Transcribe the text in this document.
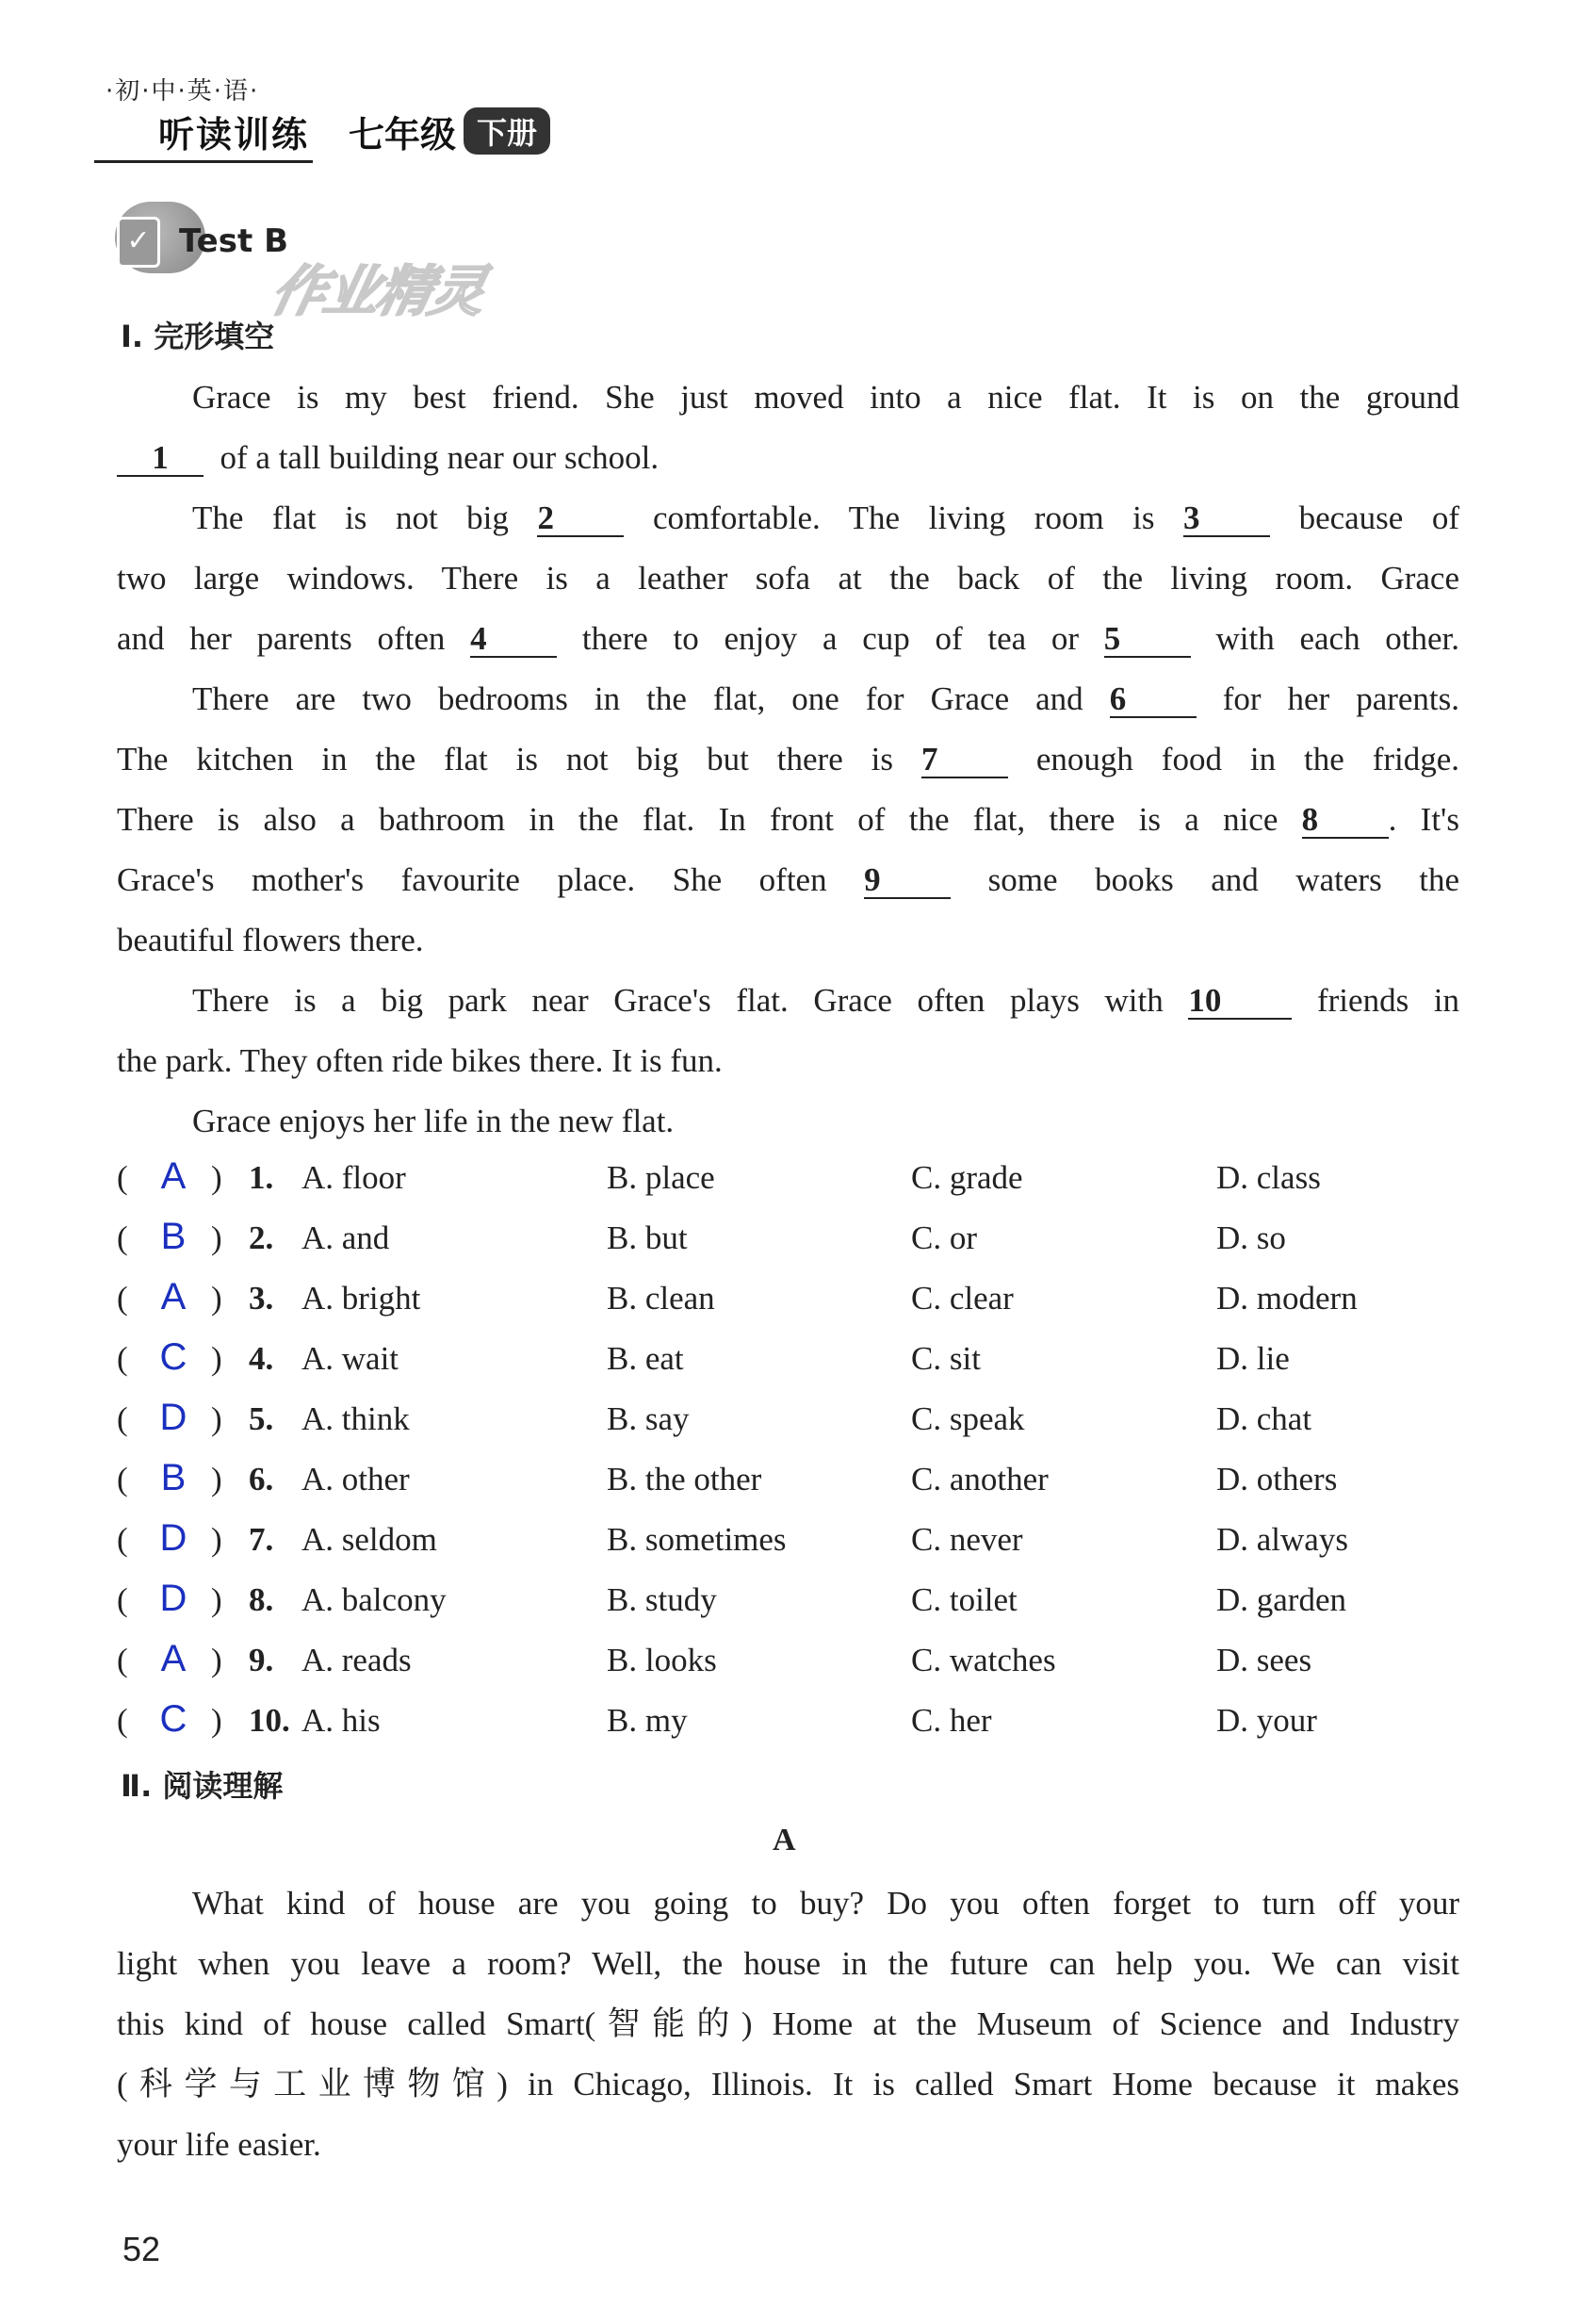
·初·中·英·语·
听读训练 七年级 下册
✓ Test B
作业精灵
Ⅰ. 完形填空
Grace is my best friend. She just moved into a nice flat. It is on the ground
1 of a tall building near our school.
The flat is not big 2	comfortable. The living room is 3	because of
two large windows. There is a leather sofa at the back of the living room. Grace
and her parents often 4	there to enjoy a cup of tea or 5	with each other.
There are two bedrooms in the flat, one for Grace and 6	for her parents.
The kitchen in the flat is not big but there is 7	enough food in the fridge.
There is also a bathroom in the flat. In front of the flat, there is a nice 8 . It's
Grace's mother's favourite place. She often 9	some books and waters the
beautiful flowers there.
There is a big park near Grace's flat. Grace often plays with 10	friends in
the park. They often ride bikes there. It is fun.
Grace enjoys her life in the new flat.
( A ) 1. A. floor	B. place	C. grade	D. class
( B ) 2. A. and	B. but	C. or	D. so
( A ) 3. A. bright	B. clean	C. clear	D. modern
( C ) 4. A. wait	B. eat	C. sit	D. lie
( D ) 5. A. think	B. say	C. speak	D. chat
( B ) 6. A. other	B. the other	C. another	D. others
( D ) 7. A. seldom	B. sometimes	C. never	D. always
( D ) 8. A. balcony	B. study	C. toilet	D. garden
( A ) 9. A. reads	B. looks	C. watches	D. sees
( C ) 10. A. his	B. my	C. her	D. your
Ⅱ. 阅读理解
A
What kind of house are you going to buy? Do you often forget to turn off your
light when you leave a room? Well, the house in the future can help you. We can visit
this kind of house called Smart(智能的) Home at the Museum of Science and Industry
(科学与工业博物馆) in Chicago, Illinois. It is called Smart Home because it makes
your life easier.
52
